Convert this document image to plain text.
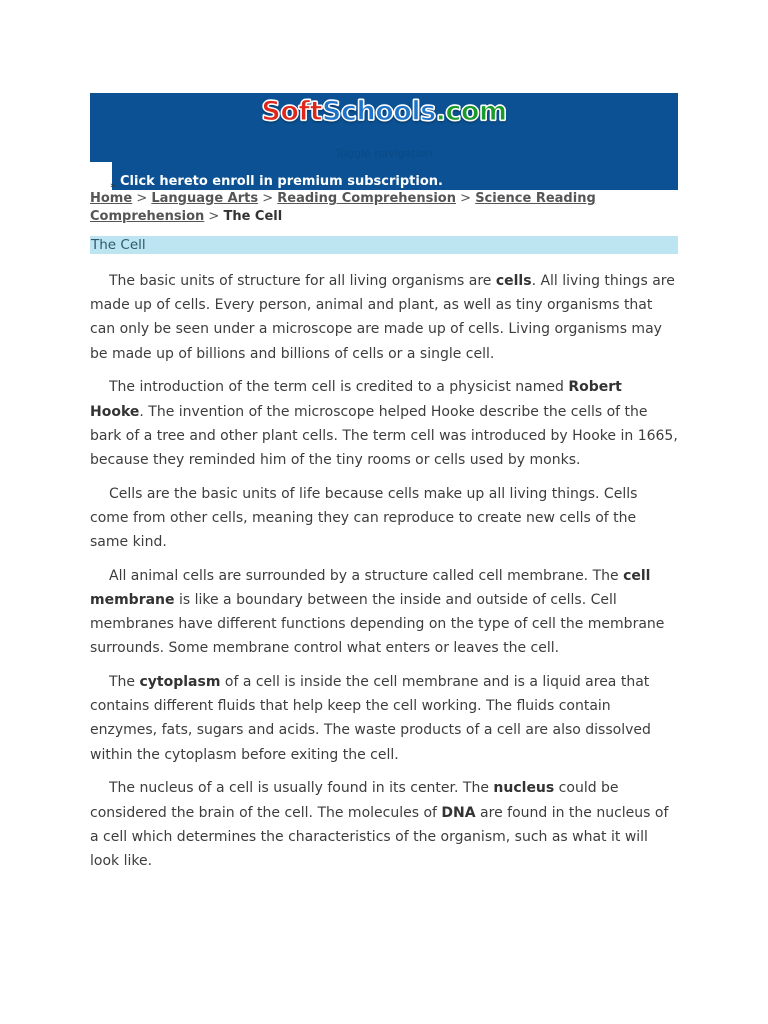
SoftSchools.com
Toggle navigation
Click hereto enroll in premium subscription.
»
Home > Language Arts > Reading Comprehension > Science Reading Comprehension > The Cell
The Cell

The basic units of structure for all living organisms are cells. All living things are made up of cells. Every person, animal and plant, as well as tiny organisms that can only be seen under a microscope are made up of cells. Living organisms may be made up of billions and billions of cells or a single cell.

The introduction of the term cell is credited to a physicist named Robert Hooke. The invention of the microscope helped Hooke describe the cells of the bark of a tree and other plant cells. The term cell was introduced by Hooke in 1665, because they reminded him of the tiny rooms or cells used by monks.

Cells are the basic units of life because cells make up all living things. Cells come from other cells, meaning they can reproduce to create new cells of the same kind.

All animal cells are surrounded by a structure called cell membrane. The cell membrane is like a boundary between the inside and outside of cells. Cell membranes have different functions depending on the type of cell the membrane surrounds. Some membrane control what enters or leaves the cell.

The cytoplasm of a cell is inside the cell membrane and is a liquid area that contains different fluids that help keep the cell working. The fluids contain enzymes, fats, sugars and acids. The waste products of a cell are also dissolved within the cytoplasm before exiting the cell.

The nucleus of a cell is usually found in its center. The nucleus could be considered the brain of the cell. The molecules of DNA are found in the nucleus of a cell which determines the characteristics of the organism, such as what it will look like.
